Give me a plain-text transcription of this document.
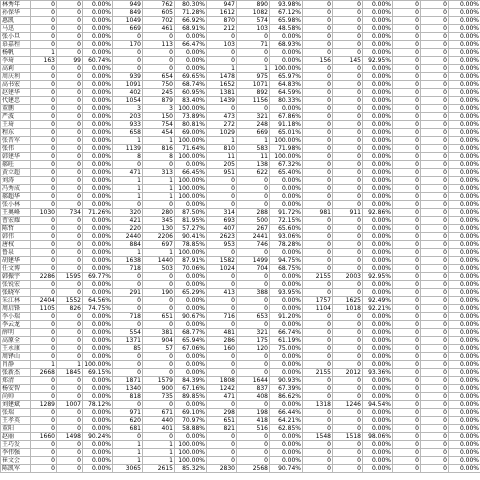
林秀年	0	0	0.00%	949	762	80.30%	947	890	93.98%	0	0	0.00%	0	0	0.00%
孙保华	0	0	0.00%	849	605	71.28%	1612	1082	67.12%	0	0	0.00%	0	0	0.00%
惠凯	0	0	0.00%	1049	702	66.92%	870	574	65.98%	0	0	0.00%	0	0	0.00%
马迅	0	0	0.00%	669	461	68.91%	212	103	48.58%	0	0	0.00%	0	0	0.00%
张小旦	0	0	0.00%	0	0	0.00%	0	0	0.00%	0	0	0.00%	0	0	0.00%
慕嘉程	0	0	0.00%	170	113	66.47%	103	71	68.93%	0	0	0.00%	0	0	0.00%
杨帆	1	0	0.00%	0	0	0.00%	0	0	0.00%	0	0	0.00%	0	0	0.00%
李琦	163	99	60.74%	0	0	0.00%	0	0	0.00%	156	145	92.95%	0	0	0.00%
高莉	0	0	0.00%	0	0	0.00%	1	1	100.00%	0	0	0.00%	0	0	0.00%
周庆利	0	0	0.00%	939	654	69.65%	1478	975	65.97%	0	0	0.00%	0	0	0.00%
高书宏	0	0	0.00%	1091	750	68.74%	1652	1071	64.83%	0	0	0.00%	0	0	0.00%
赵建华	0	0	0.00%	402	245	60.95%	1381	892	64.59%	0	0	0.00%	0	0	0.00%
代建忠	0	0	0.00%	1054	879	83.40%	1439	1156	80.33%	0	0	0.00%	0	0	0.00%
董鹏	0	0	0.00%	3	3	100.00%	0	0	0.00%	0	0	0.00%	0	0	0.00%
严波	0	0	0.00%	203	150	73.89%	473	321	67.86%	0	0	0.00%	0	0	0.00%
王琦	0	0	0.00%	933	754	80.81%	272	248	91.18%	0	0	0.00%	0	0	0.00%
程东	0	0	0.00%	658	454	69.00%	1029	669	65.01%	0	0	0.00%	0	0	0.00%
张晋军	0	0	0.00%	1	1	100.00%	1	1	100.00%	0	0	0.00%	0	0	0.00%
张伟	0	0	0.00%	1139	816	71.64%	810	583	71.98%	0	0	0.00%	0	0	0.00%
韩建华	0	0	0.00%	8	8	100.00%	11	11	100.00%	0	0	0.00%	0	0	0.00%
郝旺	0	0	0.00%	0	0	0.00%	205	138	67.32%	0	0	0.00%	0	0	0.00%
黄立超	0	0	0.00%	471	313	66.45%	951	622	65.40%	0	0	0.00%	0	0	0.00%
刘涛	0	0	0.00%	1	1	100.00%	0	0	0.00%	0	0	0.00%	0	0	0.00%
冯秀成	0	0	0.00%	1	1	100.00%	0	0	0.00%	0	0	0.00%	0	0	0.00%
郝超华	0	0	0.00%	1	1	100.00%	0	0	0.00%	0	0	0.00%	0	0	0.00%
张小林	0	0	0.00%	0	0	0.00%	0	0	0.00%	0	0	0.00%	0	0	0.00%
王奥峰	1030	734	71.26%	320	280	87.50%	314	288	91.72%	981	911	92.86%	0	0	0.00%
曹宏耀	0	0	0.00%	421	345	81.95%	693	500	72.15%	0	0	0.00%	0	0	0.00%
陈哲	0	0	0.00%	220	130	57.27%	407	267	65.60%	0	0	0.00%	0	0	0.00%
韩伟	0	0	0.00%	2440	2206	90.41%	2623	2441	93.06%	0	0	0.00%	0	0	0.00%
唐权	0	0	0.00%	884	697	78.85%	953	746	78.28%	0	0	0.00%	0	0	0.00%
鲁泉	0	0	0.00%	1	1	100.00%	0	0	0.00%	0	0	0.00%	0	0	0.00%
胡建华	0	0	0.00%	1638	1440	87.91%	1582	1499	94.75%	0	0	0.00%	0	0	0.00%
任文博	0	0	0.00%	718	503	70.06%	1024	704	68.75%	0	0	0.00%	0	0	0.00%
韩振宇	2286	1595	69.77%	0	0	0.00%	0	0	0.00%	2155	2003	92.95%	0	0	0.00%
张锐宏	0	0	0.00%	0	0	0.00%	0	0	0.00%	0	0	0.00%	0	0	0.00%
张晓军	0	0	0.00%	291	190	65.29%	413	388	93.95%	0	0	0.00%	0	0	0.00%
朱江林	2404	1552	64.56%	0	0	0.00%	0	0	0.00%	1757	1625	92.49%	0	0	0.00%
周启锋	1105	826	74.75%	0	0	0.00%	0	0	0.00%	1104	1018	92.21%	0	0	0.00%
李小瑞	0	0	0.00%	718	651	90.67%	716	653	91.20%	0	0	0.00%	0	0	0.00%
李云龙	0	0	0.00%	0	0	0.00%	0	0	0.00%	0	0	0.00%	0	0	0.00%
薛明	0	0	0.00%	554	381	68.77%	481	321	66.74%	0	0	0.00%	0	0	0.00%
高原全	0	0	0.00%	1371	904	65.94%	286	175	61.19%	0	0	0.00%	0	0	0.00%
王永康	0	0	0.00%	85	57	67.06%	160	120	75.00%	0	0	0.00%	0	0	0.00%
周铎山	0	0	0.00%	0	0	0.00%	0	0	0.00%	0	0	0.00%	0	0	0.00%
肖静	1	1	100.00%	0	0	0.00%	0	0	0.00%	0	0	0.00%	0	0	0.00%
张新杰	2668	1845	69.15%	0	0	0.00%	0	0	0.00%	2155	2012	93.36%	0	0	0.00%
郑清	0	0	0.00%	1871	1579	84.39%	1808	1644	90.93%	0	0	0.00%	0	0	0.00%
杨安智	0	0	0.00%	1340	900	67.16%	1242	837	67.39%	0	0	0.00%	0	0	0.00%
尚帅	0	0	0.00%	818	735	89.85%	471	408	86.62%	0	0	0.00%	0	0	0.00%
刘建斌	1289	1007	78.12%	0	0	0.00%	0	0	0.00%	1318	1246	94.54%	0	0	0.00%
张瑞	0	0	0.00%	971	671	69.10%	298	198	66.44%	0	0	0.00%	0	0	0.00%
王孝英	0	0	0.00%	620	440	70.97%	651	418	64.21%	0	0	0.00%	0	0	0.00%
董阳	0	0	0.00%	681	401	58.88%	821	516	62.85%	0	0	0.00%	0	0	0.00%
赵丽	1660	1498	90.24%	0	0	0.00%	0	0	0.00%	1548	1518	98.06%	0	0	0.00%
王巧发	0	0	0.00%	1	1	100.00%	0	0	0.00%	0	0	0.00%	0	0	0.00%
李伟强	0	0	0.00%	1	1	100.00%	0	0	0.00%	0	0	0.00%	0	0	0.00%
崔文会	0	0	0.00%	1	1	100.00%	0	0	0.00%	0	0	0.00%	0	0	0.00%
陈凯军	0	0	0.00%	3065	2615	85.32%	2830	2568	90.74%	0	0	0.00%	0	0	0.00%
